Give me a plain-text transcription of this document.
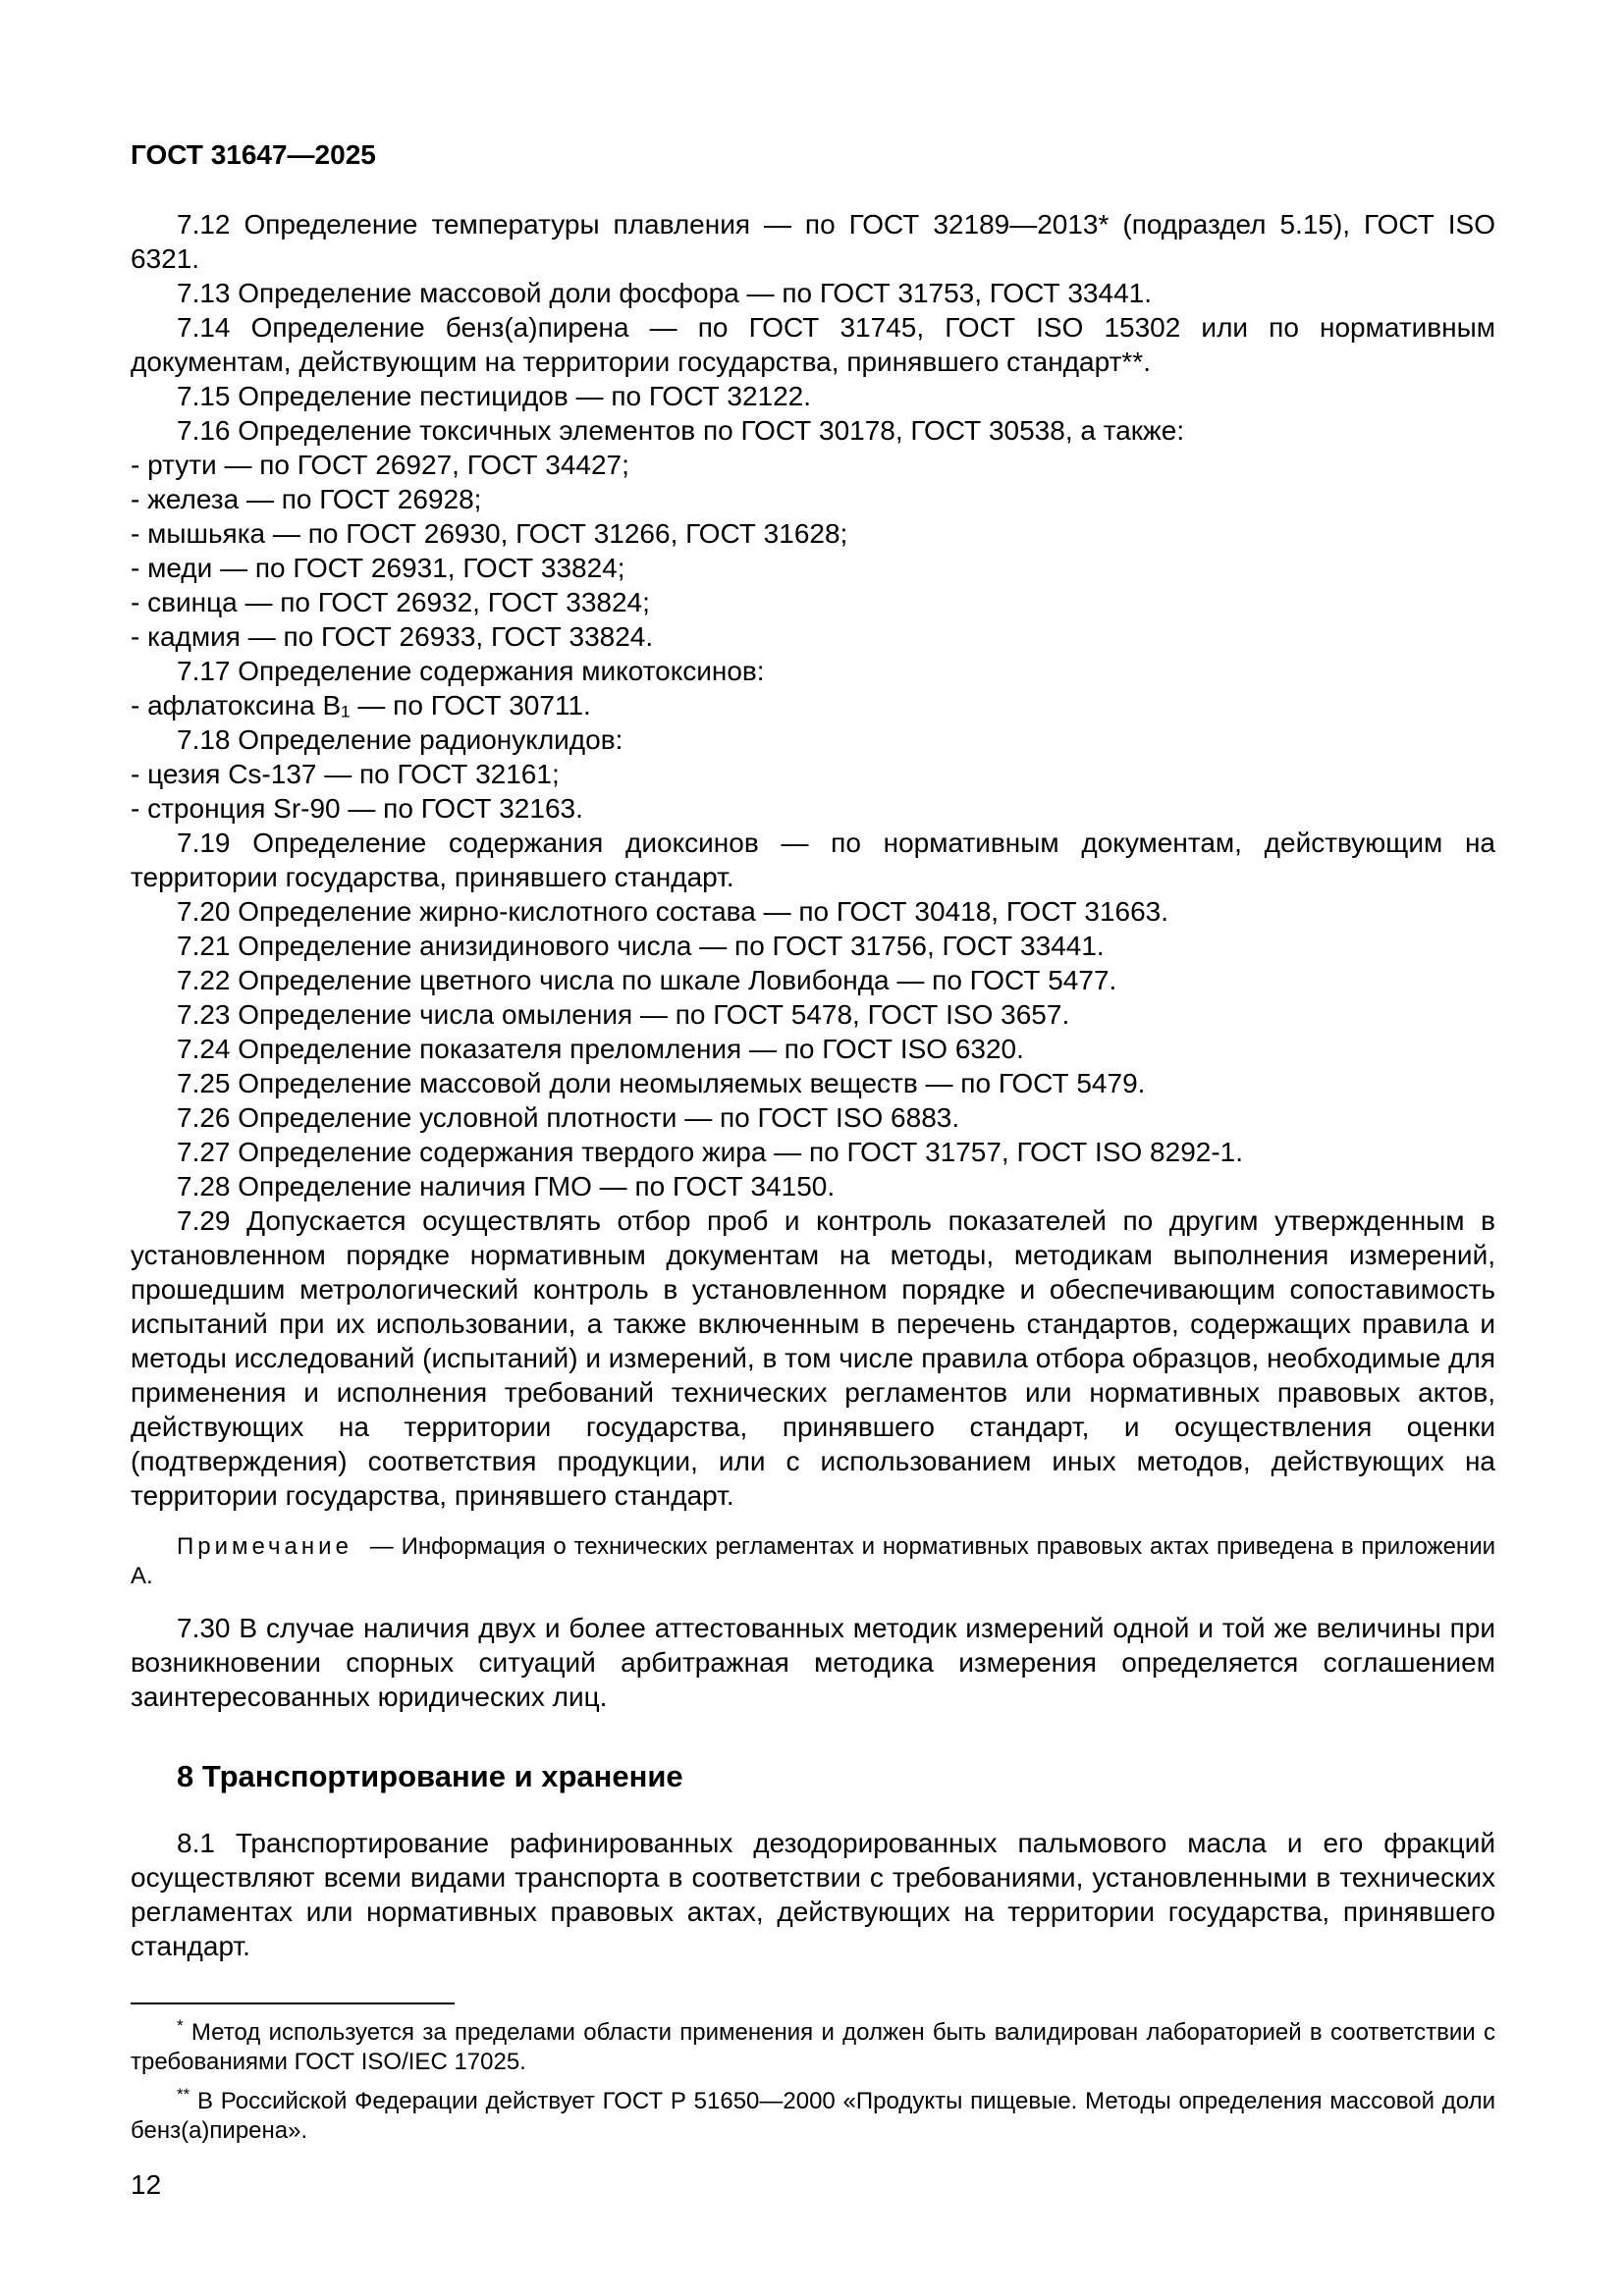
ГОСТ 31647—2025

7.12 Определение температуры плавления — по ГОСТ 32189—2013* (подраздел 5.15), ГОСТ ISO 6321.

7.13 Определение массовой доли фосфора — по ГОСТ 31753, ГОСТ 33441.

7.14 Определение бенз(а)пирена — по ГОСТ 31745, ГОСТ ISO 15302 или по нормативным документам, действующим на территории государства, принявшего стандарт**.

7.15 Определение пестицидов — по ГОСТ 32122.

7.16 Определение токсичных элементов по ГОСТ 30178, ГОСТ 30538, а также:

- ртути — по ГОСТ 26927, ГОСТ 34427;

- железа — по ГОСТ 26928;

- мышьяка — по ГОСТ 26930, ГОСТ 31266, ГОСТ 31628;

- меди — по ГОСТ 26931, ГОСТ 33824;

- свинца — по ГОСТ 26932, ГОСТ 33824;

- кадмия — по ГОСТ 26933, ГОСТ 33824.

7.17 Определение содержания микотоксинов:

- афлатоксина В₁ — по ГОСТ 30711.

7.18 Определение радионуклидов:

- цезия Cs-137 — по ГОСТ 32161;

- стронция Sr-90 — по ГОСТ 32163.

7.19 Определение содержания диоксинов — по нормативным документам, действующим на территории государства, принявшего стандарт.

7.20 Определение жирно-кислотного состава — по ГОСТ 30418, ГОСТ 31663.

7.21 Определение анизидинового числа — по ГОСТ 31756, ГОСТ 33441.

7.22 Определение цветного числа по шкале Ловибонда — по ГОСТ 5477.

7.23 Определение числа омыления — по ГОСТ 5478, ГОСТ ISO 3657.

7.24 Определение показателя преломления — по ГОСТ ISO 6320.

7.25 Определение массовой доли неомыляемых веществ — по ГОСТ 5479.

7.26 Определение условной плотности — по ГОСТ ISO 6883.

7.27 Определение содержания твердого жира — по ГОСТ 31757, ГОСТ ISO 8292-1.

7.28 Определение наличия ГМО — по ГОСТ 34150.

7.29 Допускается осуществлять отбор проб и контроль показателей по другим утвержденным в установленном порядке нормативным документам на методы, методикам выполнения измерений, прошедшим метрологический контроль в установленном порядке и обеспечивающим сопоставимость испытаний при их использовании, а также включенным в перечень стандартов, содержащих правила и методы исследований (испытаний) и измерений, в том числе правила отбора образцов, необходимые для применения и исполнения требований технических регламентов или нормативных правовых актов, действующих на территории государства, принявшего стандарт, и осуществления оценки (подтверждения) соответствия продукции, или с использованием иных методов, действующих на территории государства, принявшего стандарт.

Примечание — Информация о технических регламентах и нормативных правовых актах приведена в приложении А.

7.30 В случае наличия двух и более аттестованных методик измерений одной и той же величины при возникновении спорных ситуаций арбитражная методика измерения определяется соглашением заинтересованных юридических лиц.

8 Транспортирование и хранение

8.1 Транспортирование рафинированных дезодорированных пальмового масла и его фракций осуществляют всеми видами транспорта в соответствии с требованиями, установленными в технических регламентах или нормативных правовых актах, действующих на территории государства, принявшего стандарт.

* Метод используется за пределами области применения и должен быть валидирован лабораторией в соответствии с требованиями ГОСТ ISO/IEC 17025.

** В Российской Федерации действует ГОСТ Р 51650—2000 «Продукты пищевые. Методы определения массовой доли бенз(а)пирена».

12
